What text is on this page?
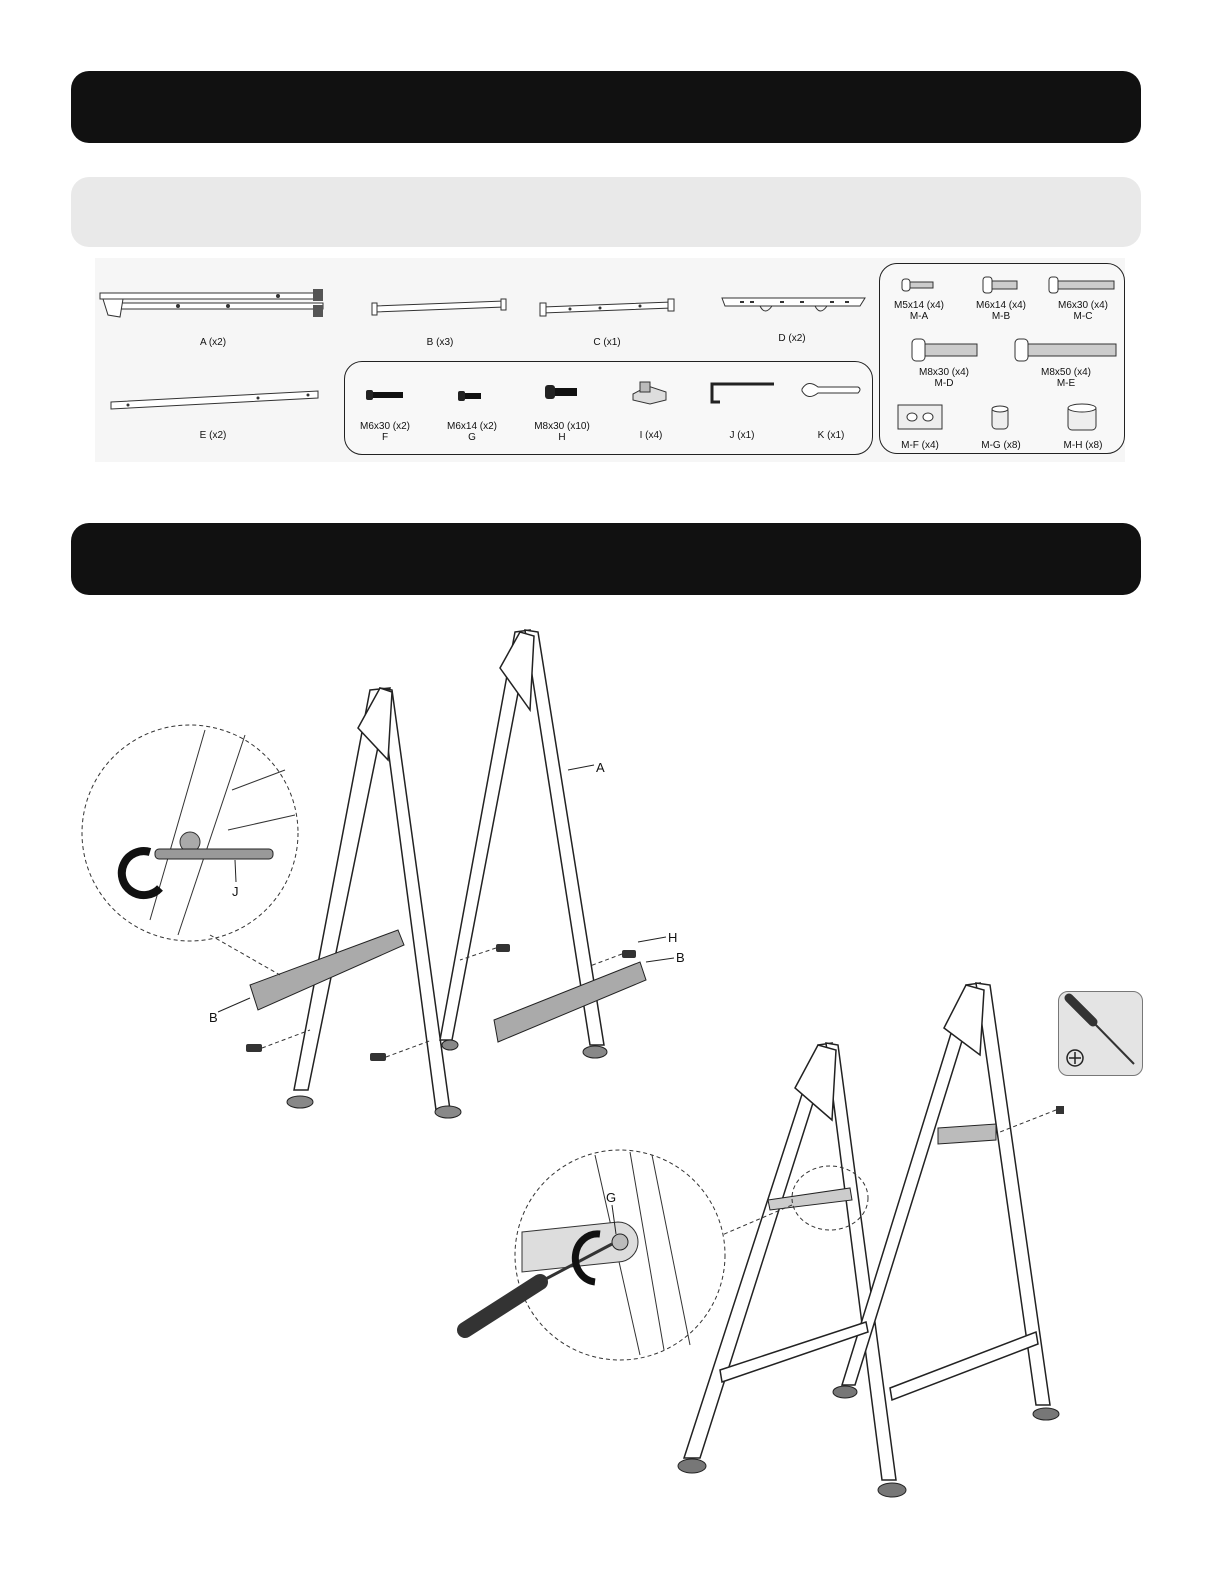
A (x2)	B (x3)	C (x1)	D (x2)
E (x2)
M6x30 (x2)
F
M6x14 (x2)
G
M8x30 (x10)
H	I (x4)	J (x1)	K (x1)
M5x14 (x4)
M-A
M6x14 (x4)
M-B
M6x30 (x4)
M-C
M8x30 (x4)
M-D
M8x50 (x4)
M-E
M-F (x4)	M-G (x8)	M-H (x8)
A
B
H
B
J
G
